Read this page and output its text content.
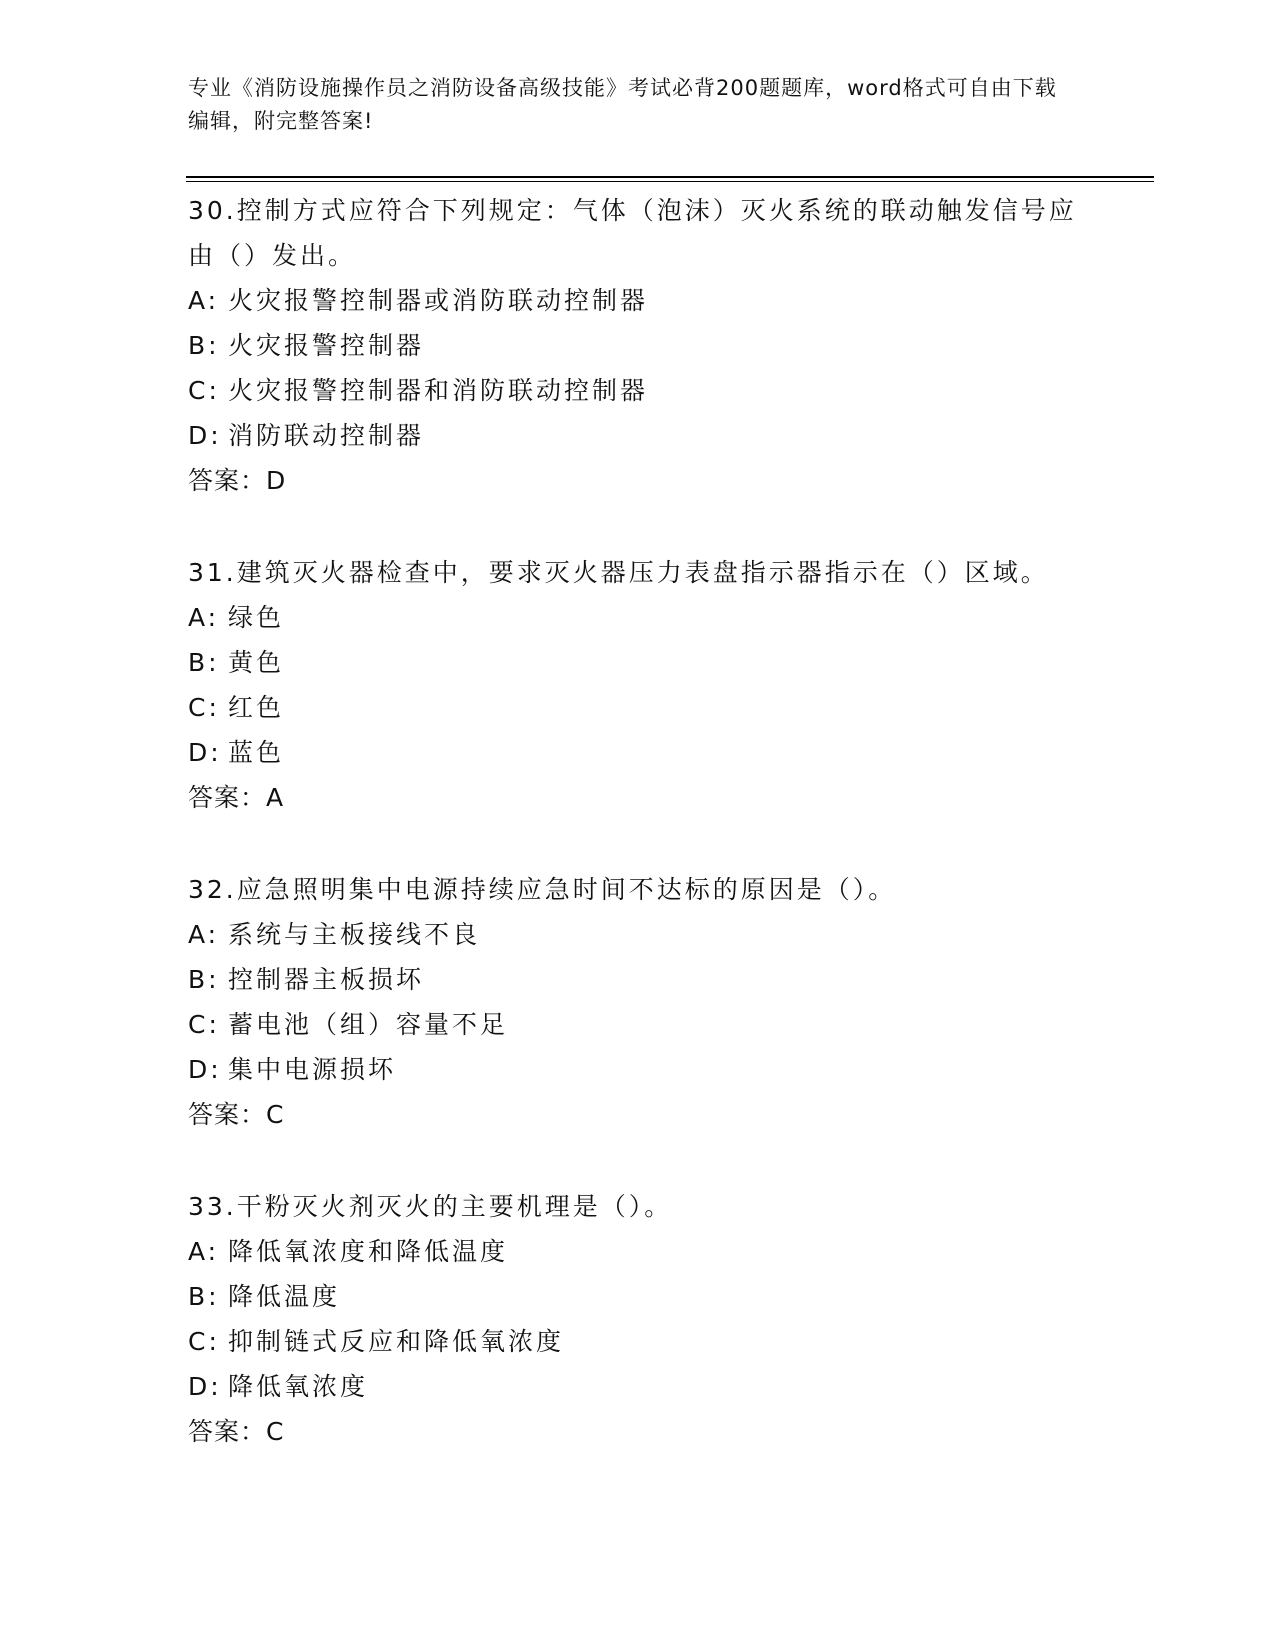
专业《消防设施操作员之消防设备高级技能》考试必背200题题库，word格式可自由下载编辑，附完整答案!
30.控制方式应符合下列规定：气体（泡沫）灭火系统的联动触发信号应由（）发出。
A: 火灾报警控制器或消防联动控制器
B: 火灾报警控制器
C: 火灾报警控制器和消防联动控制器
D: 消防联动控制器
答案：D
31.建筑灭火器检查中，要求灭火器压力表盘指示器指示在（）区域。
A: 绿色
B: 黄色
C: 红色
D: 蓝色
答案：A
32.应急照明集中电源持续应急时间不达标的原因是（）。
A: 系统与主板接线不良
B: 控制器主板损坏
C: 蓄电池（组）容量不足
D: 集中电源损坏
答案：C
33.干粉灭火剂灭火的主要机理是（）。
A: 降低氧浓度和降低温度
B: 降低温度
C: 抑制链式反应和降低氧浓度
D: 降低氧浓度
答案：C
